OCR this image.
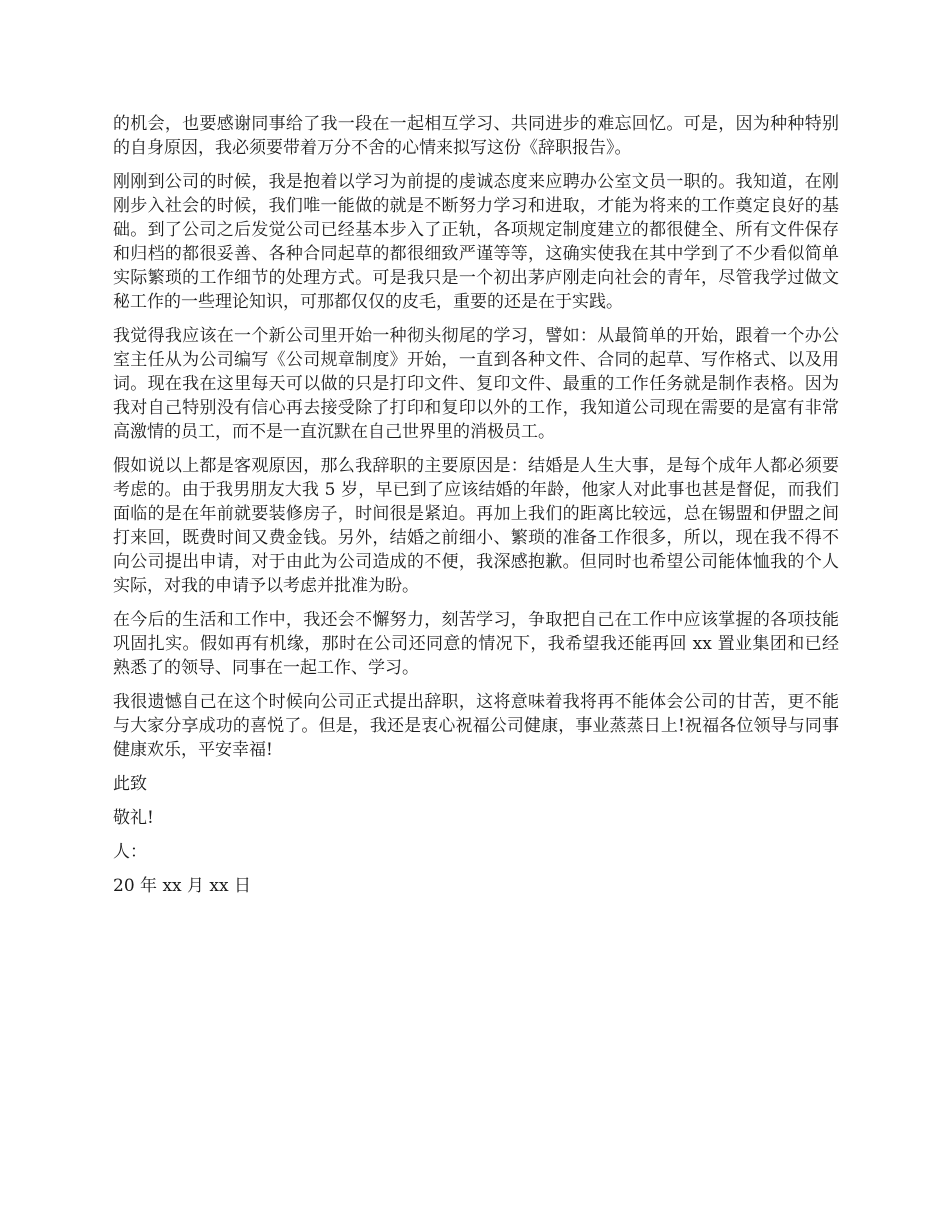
的机会，也要感谢同事给了我一段在一起相互学习、共同进步的难忘回忆。可是，因为种种特别的自身原因，我必须要带着万分不舍的心情来拟写这份《辞职报告》。

刚刚到公司的时候，我是抱着以学习为前提的虔诚态度来应聘办公室文员一职的。我知道，在刚刚步入社会的时候，我们唯一能做的就是不断努力学习和进取，才能为将来的工作奠定良好的基础。到了公司之后发觉公司已经基本步入了正轨，各项规定制度建立的都很健全、所有文件保存和归档的都很妥善、各种合同起草的都很细致严谨等等，这确实使我在其中学到了不少看似简单实际繁琐的工作细节的处理方式。可是我只是一个初出茅庐刚走向社会的青年，尽管我学过做文秘工作的一些理论知识，可那都仅仅的皮毛，重要的还是在于实践。

我觉得我应该在一个新公司里开始一种彻头彻尾的学习，譬如：从最简单的开始，跟着一个办公室主任从为公司编写《公司规章制度》开始，一直到各种文件、合同的起草、写作格式、以及用词。现在我在这里每天可以做的只是打印文件、复印文件、最重的工作任务就是制作表格。因为我对自己特别没有信心再去接受除了打印和复印以外的工作，我知道公司现在需要的是富有非常高激情的员工，而不是一直沉默在自己世界里的消极员工。

假如说以上都是客观原因，那么我辞职的主要原因是：结婚是人生大事，是每个成年人都必须要考虑的。由于我男朋友大我 5 岁，早已到了应该结婚的年龄，他家人对此事也甚是督促，而我们面临的是在年前就要装修房子，时间很是紧迫。再加上我们的距离比较远，总在锡盟和伊盟之间打来回，既费时间又费金钱。另外，结婚之前细小、繁琐的准备工作很多，所以，现在我不得不向公司提出申请，对于由此为公司造成的不便，我深感抱歉。但同时也希望公司能体恤我的个人实际，对我的申请予以考虑并批准为盼。

在今后的生活和工作中，我还会不懈努力，刻苦学习，争取把自己在工作中应该掌握的各项技能巩固扎实。假如再有机缘，那时在公司还同意的情况下，我希望我还能再回 xx 置业集团和已经熟悉了的领导、同事在一起工作、学习。

我很遗憾自己在这个时候向公司正式提出辞职，这将意味着我将再不能体会公司的甘苦，更不能与大家分享成功的喜悦了。但是，我还是衷心祝福公司健康，事业蒸蒸日上!祝福各位领导与同事健康欢乐，平安幸福!

此致

敬礼!

人：

20 年 xx 月 xx 日
